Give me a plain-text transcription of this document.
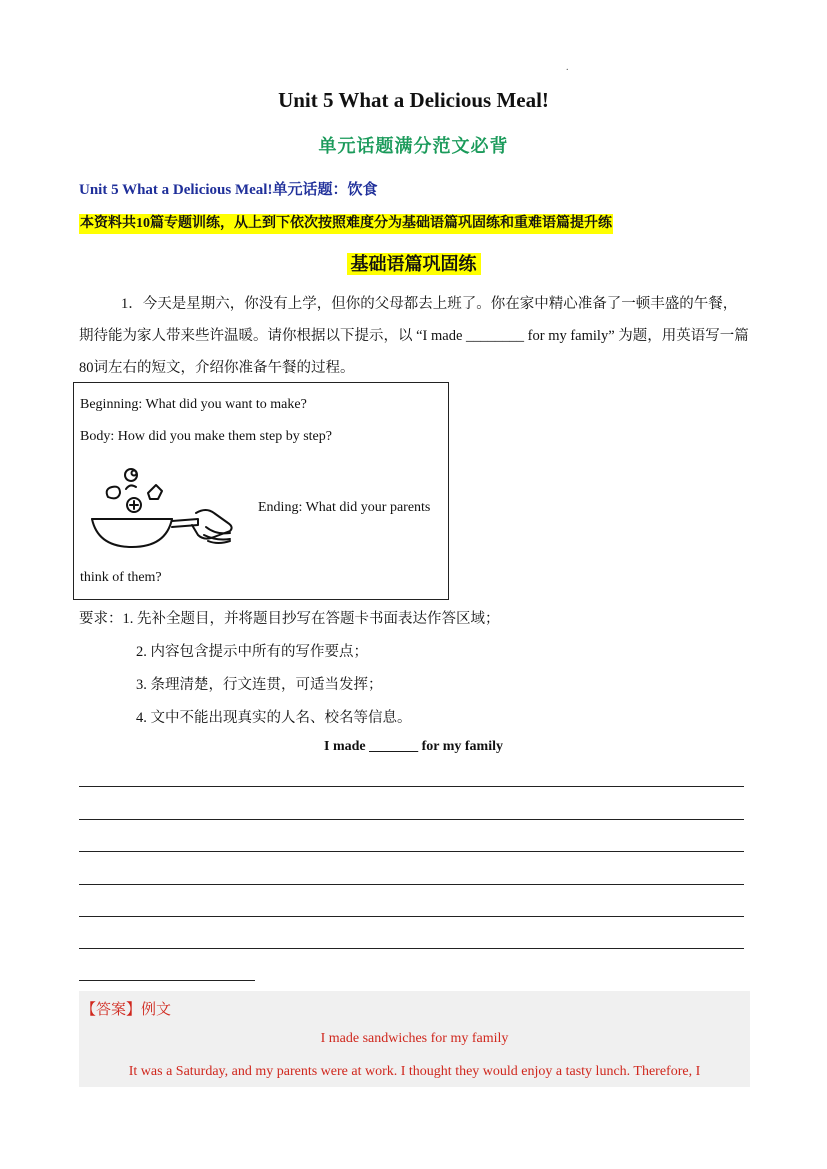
.
Unit 5 What a Delicious Meal!
单元话题满分范文必背
Unit 5 What a Delicious Meal!单元话题：饮食
本资料共10篇专题训练，从上到下依次按照难度分为基础语篇巩固练和重难语篇提升练
基础语篇巩固练
1．今天是星期六，你没有上学，但你的父母都去上班了。你在家中精心准备了一顿丰盛的午餐，期待能为家人带来些许温暖。请你根据以下提示，以 “I made ________ for my family” 为题，用英语写一篇80词左右的短文，介绍你准备午餐的过程。
Beginning: What did you want to make?
Body: How did you make them step by step?
Ending: What did your parents
think of them?
要求：1. 先补全题目，并将题目抄写在答题卡书面表达作答区域；
2. 内容包含提示中所有的写作要点；
3. 条理清楚，行文连贯，可适当发挥；
4. 文中不能出现真实的人名、校名等信息。
I made _______ for my family
【答案】例文
I made sandwiches for my family
It was a Saturday, and my parents were at work. I thought they would enjoy a tasty lunch. Therefore, I
